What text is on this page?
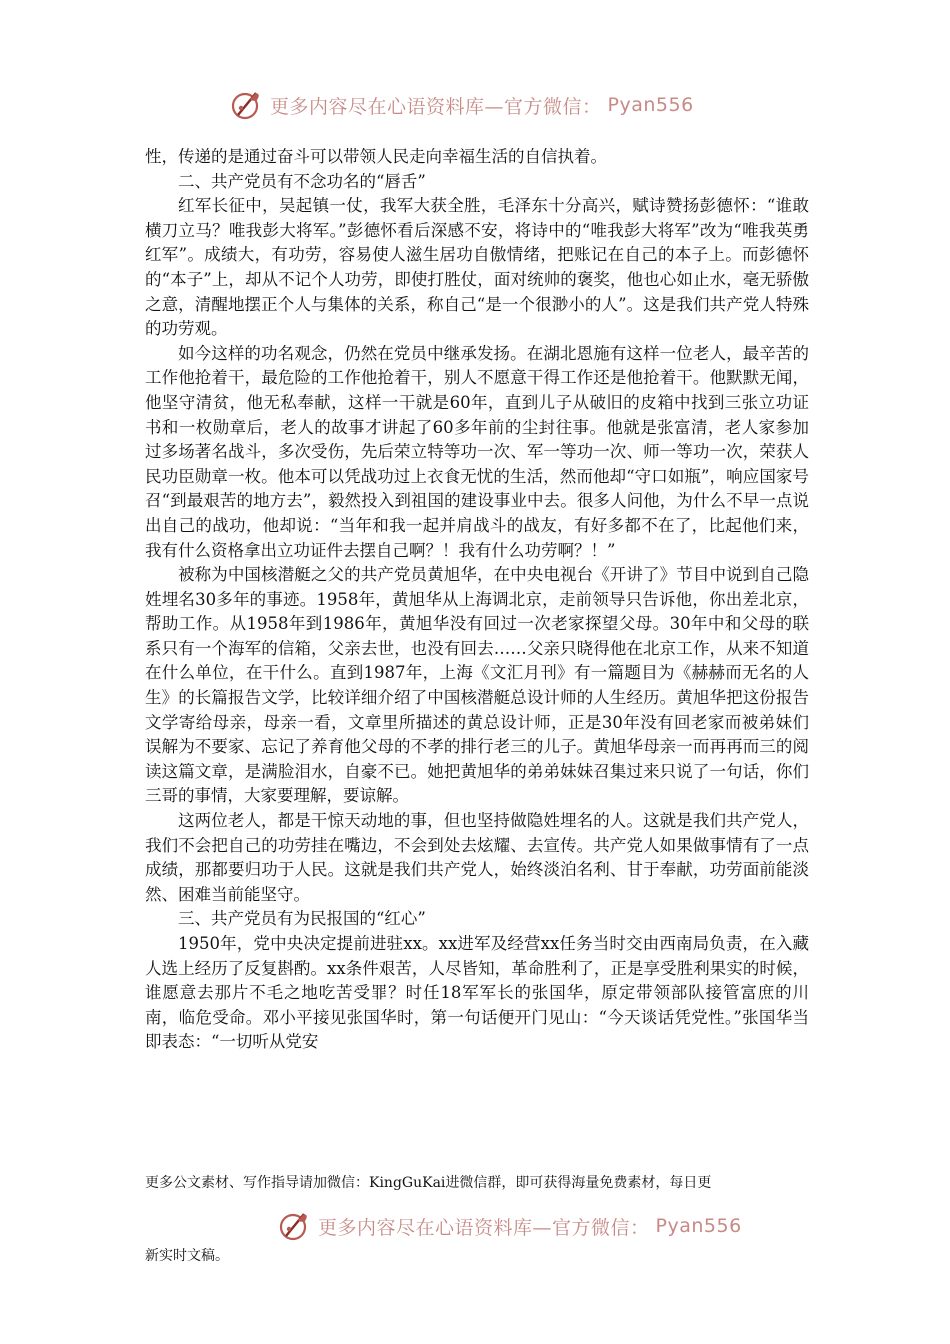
更多内容尽在心语资料库—官方微信： Pyan556

性，传递的是通过奋斗可以带领人民走向幸福生活的自信执着。

二、共产党员有不念功名的“唇舌”

红军长征中，吴起镇一仗，我军大获全胜，毛泽东十分高兴，赋诗赞扬彭德怀：“谁敢横刀立马？唯我彭大将军。”彭德怀看后深感不安，将诗中的“唯我彭大将军”改为“唯我英勇红军”。成绩大，有功劳，容易使人滋生居功自傲情绪，把账记在自己的本子上。而彭德怀的“本子”上，却从不记个人功劳，即使打胜仗，面对统帅的褒奖，他也心如止水，毫无骄傲之意，清醒地摆正个人与集体的关系，称自己“是一个很渺小的人”。这是我们共产党人特殊的功劳观。

如今这样的功名观念，仍然在党员中继承发扬。在湖北恩施有这样一位老人，最辛苦的工作他抢着干，最危险的工作他抢着干，别人不愿意干得工作还是他抢着干。他默默无闻，他坚守清贫，他无私奉献，这样一干就是60年，直到儿子从破旧的皮箱中找到三张立功证书和一枚勋章后，老人的故事才讲起了60多年前的尘封往事。他就是张富清，老人家参加过多场著名战斗，多次受伤，先后荣立特等功一次、军一等功一次、师一等功一次，荣获人民功臣勋章一枚。他本可以凭战功过上衣食无忧的生活，然而他却“守口如瓶”，响应国家号召“到最艰苦的地方去”，毅然投入到祖国的建设事业中去。很多人问他，为什么不早一点说出自己的战功，他却说：“当年和我一起并肩战斗的战友，有好多都不在了，比起他们来，我有什么资格拿出立功证件去摆自己啊？！我有什么功劳啊？！”

被称为中国核潜艇之父的共产党员黄旭华，在中央电视台《开讲了》节目中说到自己隐姓埋名30多年的事迹。1958年，黄旭华从上海调北京，走前领导只告诉他，你出差北京，帮助工作。从1958年到1986年，黄旭华没有回过一次老家探望父母。30年中和父母的联系只有一个海军的信箱，父亲去世，也没有回去……父亲只晓得他在北京工作，从来不知道在什么单位，在干什么。直到1987年，上海《文汇月刊》有一篇题目为《赫赫而无名的人生》的长篇报告文学，比较详细介绍了中国核潜艇总设计师的人生经历。黄旭华把这份报告文学寄给母亲，母亲一看，文章里所描述的黄总设计师，正是30年没有回老家而被弟妹们误解为不要家、忘记了养育他父母的不孝的排行老三的儿子。黄旭华母亲一而再再而三的阅读这篇文章，是满脸泪水，自豪不已。她把黄旭华的弟弟妹妹召集过来只说了一句话，你们三哥的事情，大家要理解，要谅解。

这两位老人，都是干惊天动地的事，但也坚持做隐姓埋名的人。这就是我们共产党人，我们不会把自己的功劳挂在嘴边，不会到处去炫耀、去宣传。共产党人如果做事情有了一点成绩，那都要归功于人民。这就是我们共产党人，始终淡泊名利、甘于奉献，功劳面前能淡然、困难当前能坚守。

三、共产党员有为民报国的“红心”

1950年，党中央决定提前进驻xx。xx进军及经营xx任务当时交由西南局负责，在入藏人选上经历了反复斟酌。xx条件艰苦，人尽皆知，革命胜利了，正是享受胜利果实的时候，谁愿意去那片不毛之地吃苦受罪？时任18军军长的张国华，原定带领部队接管富庶的川南，临危受命。邓小平接见张国华时，第一句话便开门见山：“今天谈话凭党性。”张国华当即表态：“一切听从党安

更多公文素材、写作指导请加微信：KingGuKai进微信群，即可获得海量免费素材，每日更
更多内容尽在心语资料库—官方微信： Pyan556
新实时文稿。
